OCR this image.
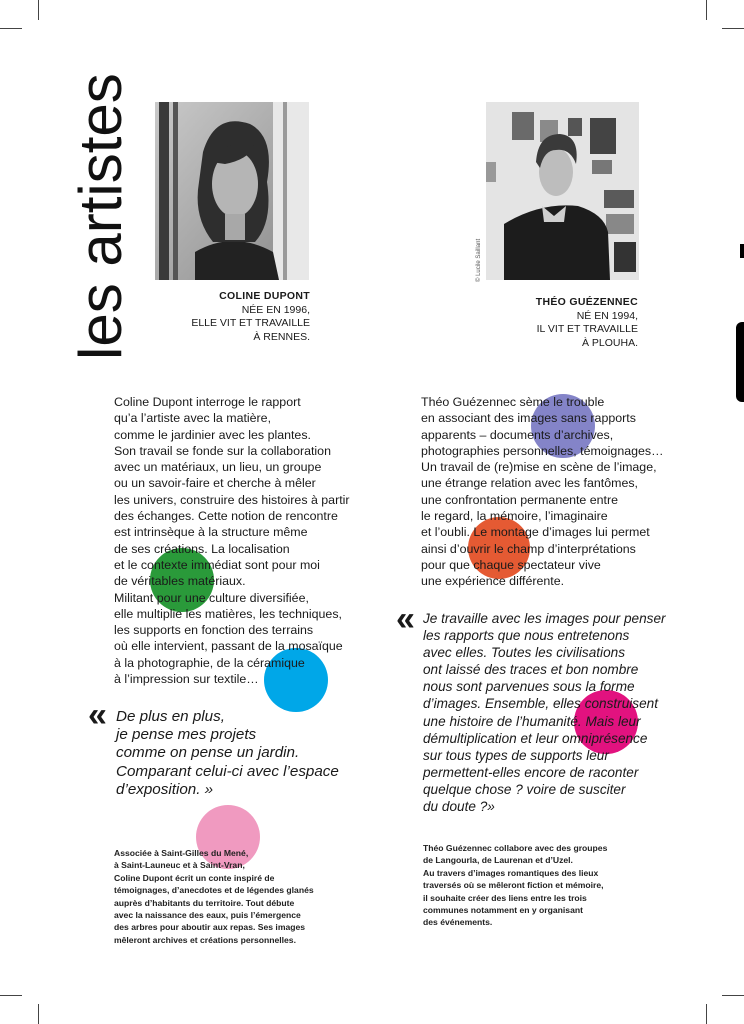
les artistes	© Lucile Saillant
COLINE DUPONT
NÉE EN 1996,
ELLE VIT ET TRAVAILLE
À RENNES.
THÉO GUÉZENNEC
NÉ EN 1994,
IL VIT ET TRAVAILLE
À PLOUHA.
Coline Dupont interroge le rapport
qu’a l’artiste avec la matière,
comme le jardinier avec les plantes.
Son travail se fonde sur la collaboration
avec un matériaux, un lieu, un groupe
ou un savoir-faire et cherche à mêler
les univers, construire des histoires à partir
des échanges. Cette notion de rencontre
est intrinsèque à la structure même
de ses créations. La localisation
et le contexte immédiat sont pour moi
de véritables matériaux.
Militant pour une culture diversifiée,
elle multiplie les matières, les techniques,
les supports en fonction des terrains
où elle intervient, passant de la mosaïque
à la photographie, de la céramique
à l’impression sur textile…
Théo Guézennec sème le trouble
en associant des images sans rapports
apparents – documents d’archives,
photographies personnelles, témoignages…
Un travail de (re)mise en scène de l’image,
une étrange relation avec les fantômes,
une confrontation permanente entre
le regard, la mémoire, l’imaginaire
et l’oubli. Le montage d’images lui permet
ainsi d’ouvrir le champ d’interprétations
pour que chaque spectateur vive
une expérience différente.
« De plus en plus,
je pense mes projets
comme on pense un jardin.
Comparant celui-ci avec l’espace
d’exposition. »
« Je travaille avec les images pour penser
les rapports que nous entretenons
avec elles. Toutes les civilisations
ont laissé des traces et bon nombre
nous sont parvenues sous la forme
d’images. Ensemble, elles construisent
une histoire de l’humanité. Mais leur
démultiplication et leur omniprésence
sur tous types de supports leur
permettent-elles encore de raconter
quelque chose ? voire de susciter
du doute ?»
Associée à Saint-Gilles du Mené,
à Saint-Launeuc et à Saint-Vran,
Coline Dupont écrit un conte inspiré de
témoignages, d’anecdotes et de légendes glanés
auprès d’habitants du territoire. Tout débute
avec la naissance des eaux, puis l’émergence
des arbres pour aboutir aux repas. Ses images
mêleront archives et créations personnelles.
Théo Guézennec collabore avec des groupes
de Langourla, de Laurenan et d’Uzel.
Au travers d’images romantiques des lieux
traversés où se mêleront fiction et mémoire,
il souhaite créer des liens entre les trois
communes notamment en y organisant
des événements.
